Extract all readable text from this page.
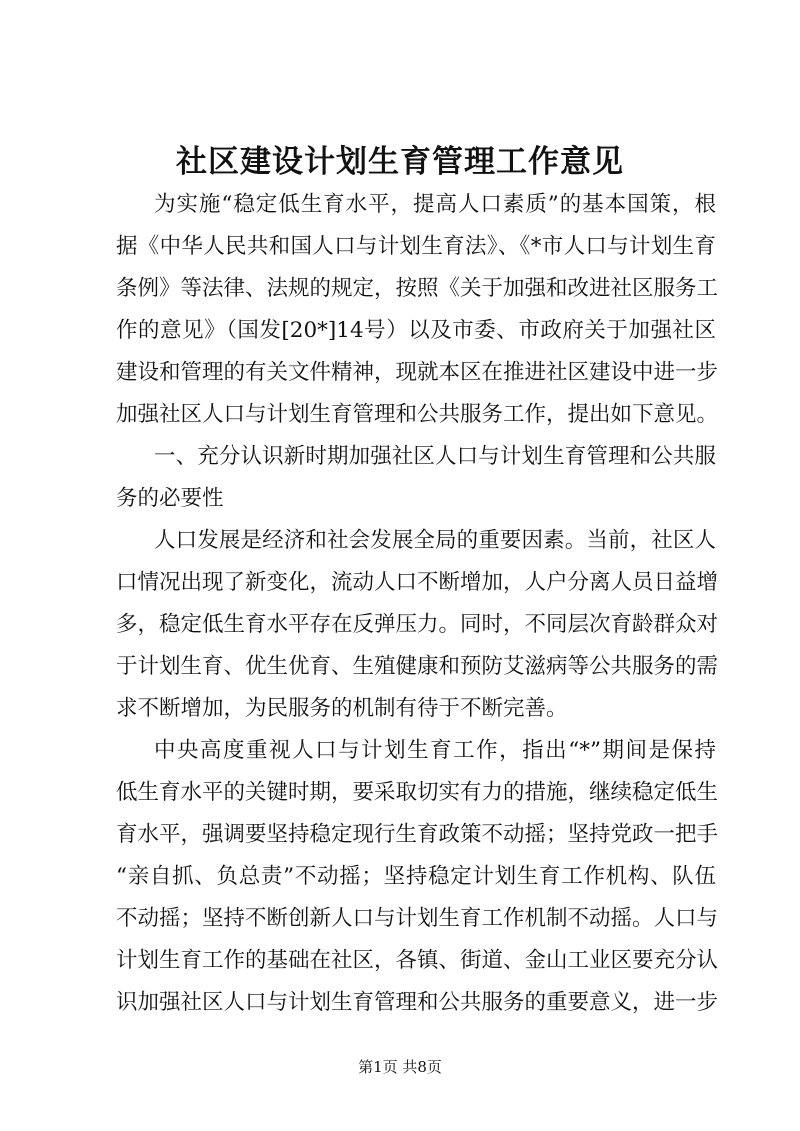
社区建设计划生育管理工作意见
为实施“稳定低生育水平，提高人口素质”的基本国策，根
据《中华人民共和国人口与计划生育法》、《*市人口与计划生育
条例》等法律、法规的规定，按照《关于加强和改进社区服务工
作的意见》（国发[20*]14号）以及市委、市政府关于加强社区
建设和管理的有关文件精神，现就本区在推进社区建设中进一步
加强社区人口与计划生育管理和公共服务工作，提出如下意见。
一、充分认识新时期加强社区人口与计划生育管理和公共服
务的必要性
人口发展是经济和社会发展全局的重要因素。当前，社区人
口情况出现了新变化，流动人口不断增加，人户分离人员日益增
多，稳定低生育水平存在反弹压力。同时，不同层次育龄群众对
于计划生育、优生优育、生殖健康和预防艾滋病等公共服务的需
求不断增加，为民服务的机制有待于不断完善。
中央高度重视人口与计划生育工作，指出“*”期间是保持
低生育水平的关键时期，要采取切实有力的措施，继续稳定低生
育水平，强调要坚持稳定现行生育政策不动摇；坚持党政一把手
“亲自抓、负总责”不动摇；坚持稳定计划生育工作机构、队伍
不动摇；坚持不断创新人口与计划生育工作机制不动摇。人口与
计划生育工作的基础在社区，各镇、街道、金山工业区要充分认
识加强社区人口与计划生育管理和公共服务的重要意义，进一步
第1页 共8页
